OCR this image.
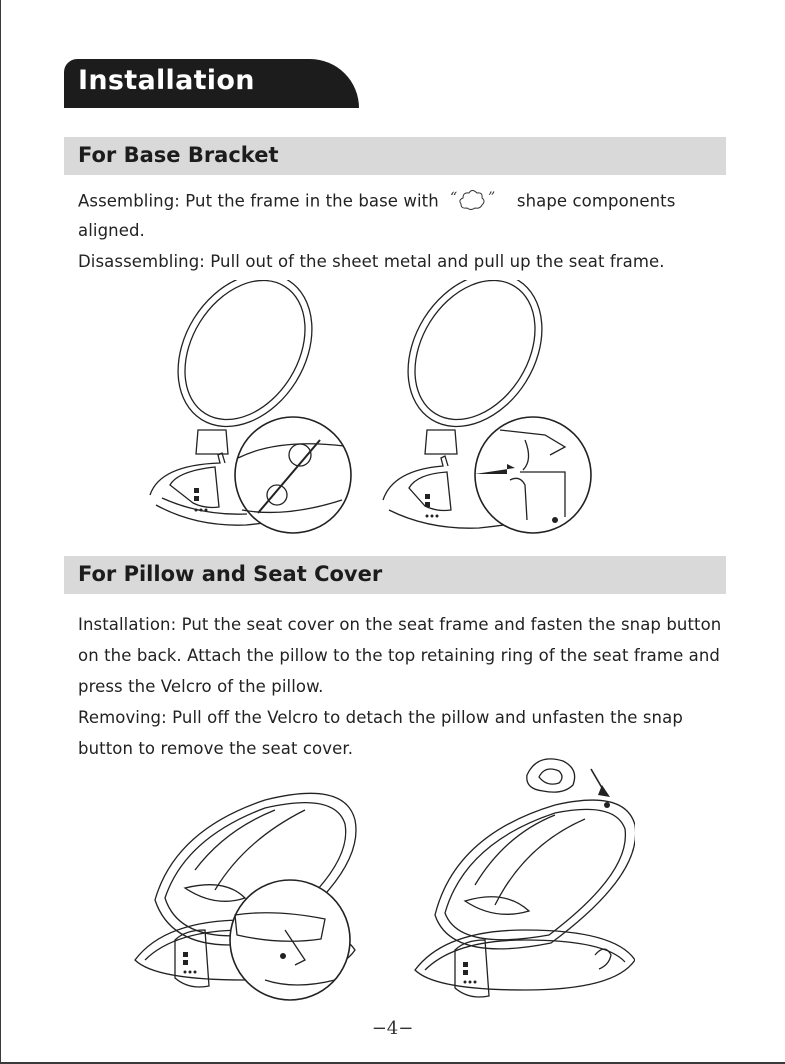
Installation
For Base Bracket

Assembling: Put the frame in the base with “ ” shape components

aligned.

Disassembling: Pull out of the sheet metal and pull up the seat frame.

For Pillow and Seat Cover

Installation: Put the seat cover on the seat frame and fasten the snap button

on the back. Attach the pillow to the top retaining ring of the seat frame and

press the Velcro of the pillow.

Removing: Pull off the Velcro to detach the pillow and unfasten the snap

button to remove the seat cover.

−4−
